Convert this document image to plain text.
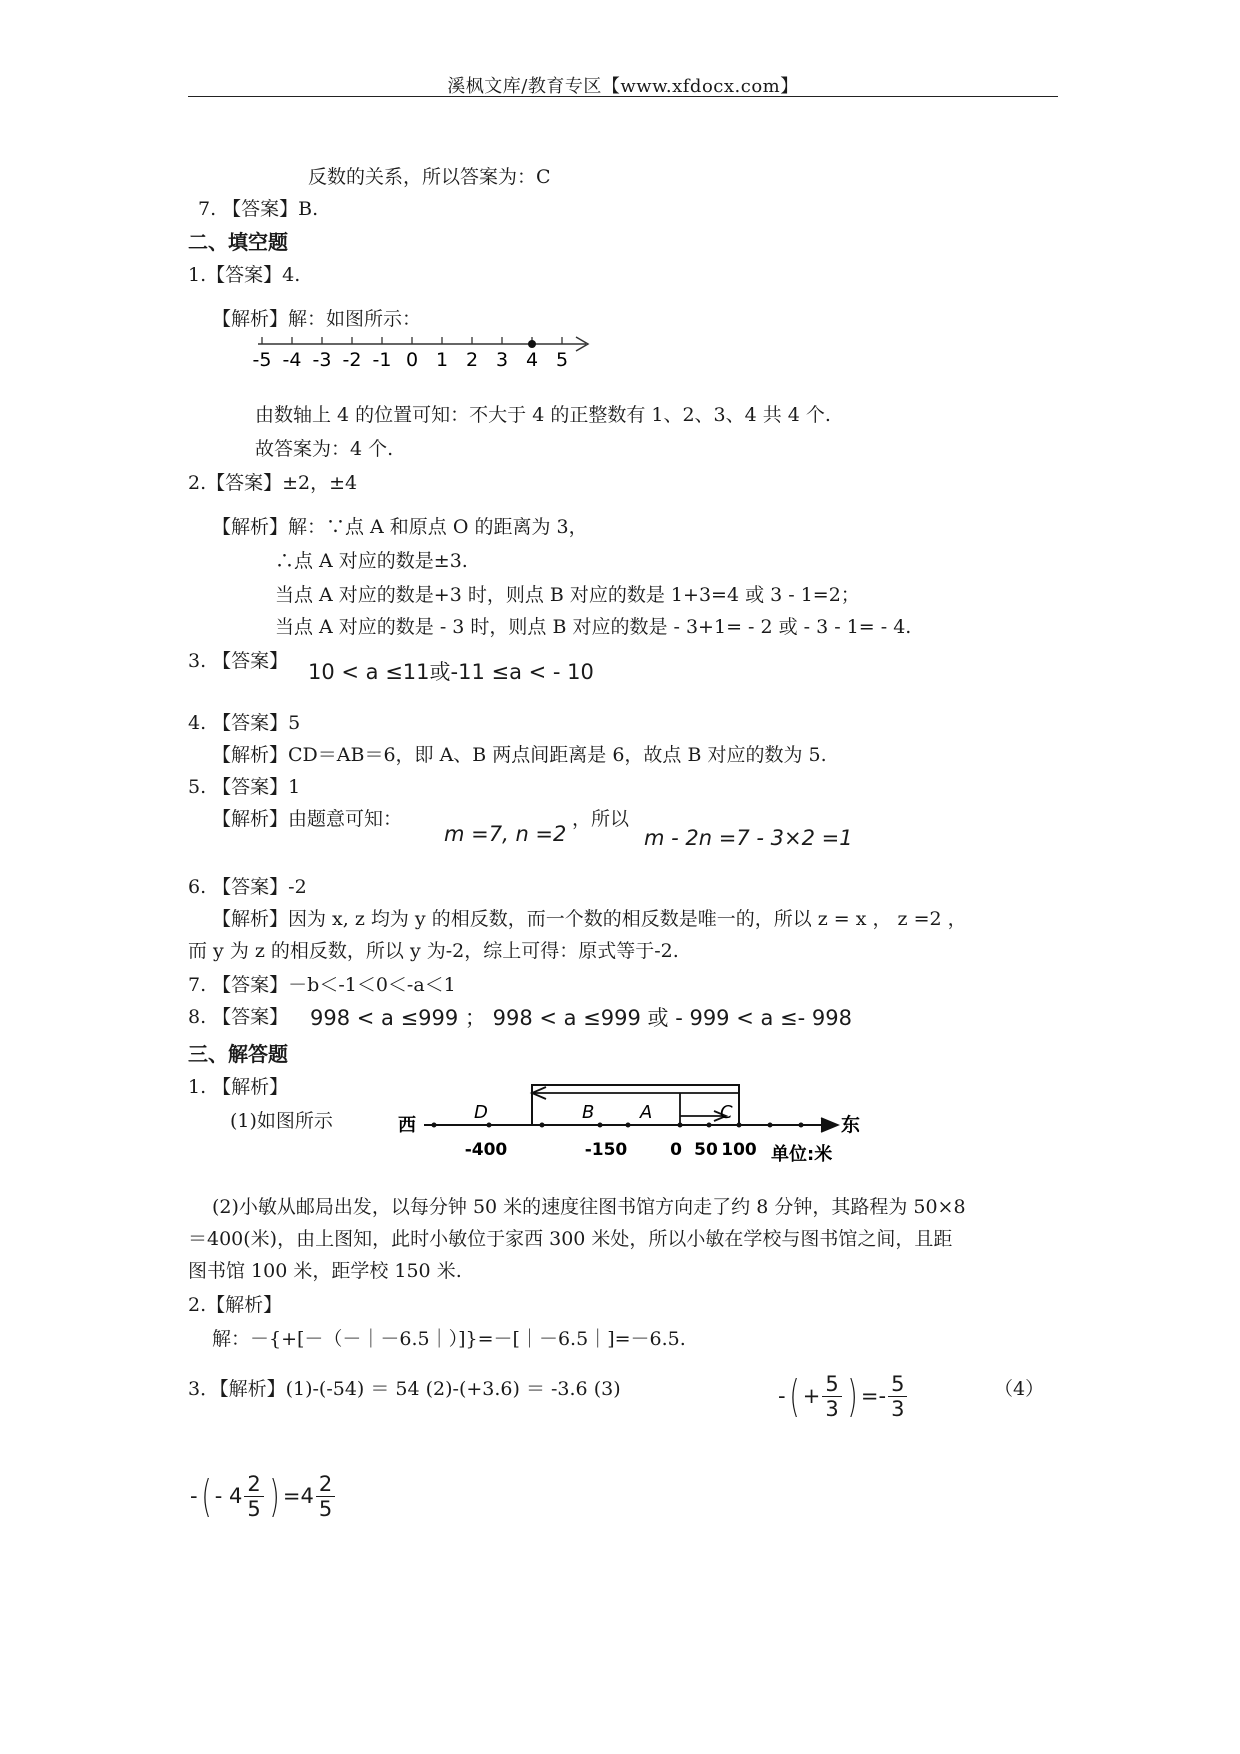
溪枫文库/教育专区【www.xfdocx.com】
反数的关系，所以答案为：C
7. 【答案】B.
二、填空题
1.【答案】4.
【解析】解：如图所示：
-5 -4 -3 -2 -1 0 1 2 3 4 5
由数轴上 4 的位置可知：不大于 4 的正整数有 1、2、3、4 共 4 个.
故答案为：4 个.
2.【答案】±2，±4
【解析】解：∵点 A 和原点 O 的距离为 3，
∴点 A 对应的数是±3.
当点 A 对应的数是+3 时，则点 B 对应的数是 1+3=4 或 3 - 1=2；
当点 A 对应的数是 - 3 时，则点 B 对应的数是 - 3+1= - 2 或 - 3 - 1= - 4.
3. 【答案】 10 < a ≤11或-11 ≤a < - 10
4. 【答案】5
【解析】CD＝AB＝6，即 A、B 两点间距离是 6，故点 B 对应的数为 5.
5. 【答案】1
【解析】由题意可知：
m =7, n =2
，所以
m - 2n =7 - 3×2 =1
6. 【答案】-2
【解析】因为 x, z 均为 y 的相反数，而一个数的相反数是唯一的，所以 z = x ， z =2 ，
而 y 为 z 的相反数，所以 y 为-2，综上可得：原式等于-2.
7. 【答案】－b＜-1＜0＜-a＜1
8. 【答案】 998 < a ≤999 ； 998 < a ≤999 或 - 999 < a ≤- 998
三、解答题
1. 【解析】
(1)如图所示	D	B	A	C
-400	-150	0 50 100
西	东
单位:米
(2)小敏从邮局出发，以每分钟 50 米的速度往图书馆方向走了约 8 分钟，其路程为 50×8
＝400(米)，由上图知，此时小敏位于家西 300 米处，所以小敏在学校与图书馆之间，且距
图书馆 100 米，距学校 150 米.
2.【解析】
解：－{+[－（－｜－6.5｜）]}=－[｜－6.5｜]=－6.5.
3．【解析】(1)-(-54) ＝ 54 (2)-(+3.6) ＝ -3.6 (3)	- ( + $\frac{5}{3}$ ) =- $\frac{5}{3}$	（4）
- ( - $4 \frac{2}{5}$ ) $=4 \frac{2}{5}$
